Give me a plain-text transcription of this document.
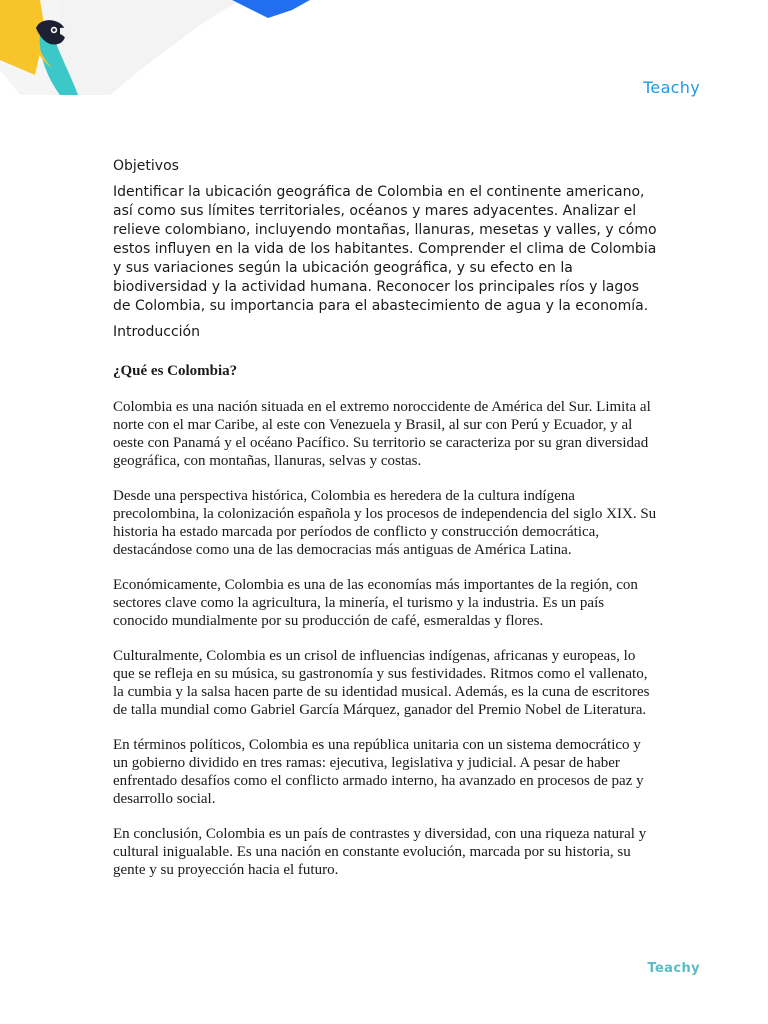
Teachy
Objetivos

Identificar la ubicación geográfica de Colombia en el continente americano, así como sus límites territoriales, océanos y mares adyacentes. Analizar el relieve colombiano, incluyendo montañas, llanuras, mesetas y valles, y cómo estos influyen en la vida de los habitantes. Comprender el clima de Colombia y sus variaciones según la ubicación geográfica, y su efecto en la biodiversidad y la actividad humana. Reconocer los principales ríos y lagos de Colombia, su importancia para el abastecimiento de agua y la economía.

Introducción

¿Qué es Colombia?

Colombia es una nación situada en el extremo noroccidente de América del Sur. Limita al norte con el mar Caribe, al este con Venezuela y Brasil, al sur con Perú y Ecuador, y al oeste con Panamá y el océano Pacífico. Su territorio se caracteriza por su gran diversidad geográfica, con montañas, llanuras, selvas y costas.

Desde una perspectiva histórica, Colombia es heredera de la cultura indígena precolombina, la colonización española y los procesos de independencia del siglo XIX. Su historia ha estado marcada por períodos de conflicto y construcción democrática, destacándose como una de las democracias más antiguas de América Latina.

Económicamente, Colombia es una de las economías más importantes de la región, con sectores clave como la agricultura, la minería, el turismo y la industria. Es un país conocido mundialmente por su producción de café, esmeraldas y flores.

Culturalmente, Colombia es un crisol de influencias indígenas, africanas y europeas, lo que se refleja en su música, su gastronomía y sus festividades. Ritmos como el vallenato, la cumbia y la salsa hacen parte de su identidad musical. Además, es la cuna de escritores de talla mundial como Gabriel García Márquez, ganador del Premio Nobel de Literatura.

En términos políticos, Colombia es una república unitaria con un sistema democrático y un gobierno dividido en tres ramas: ejecutiva, legislativa y judicial. A pesar de haber enfrentado desafíos como el conflicto armado interno, ha avanzado en procesos de paz y desarrollo social.

En conclusión, Colombia es un país de contrastes y diversidad, con una riqueza natural y cultural inigualable. Es una nación en constante evolución, marcada por su historia, su gente y su proyección hacia el futuro.

Teachy
